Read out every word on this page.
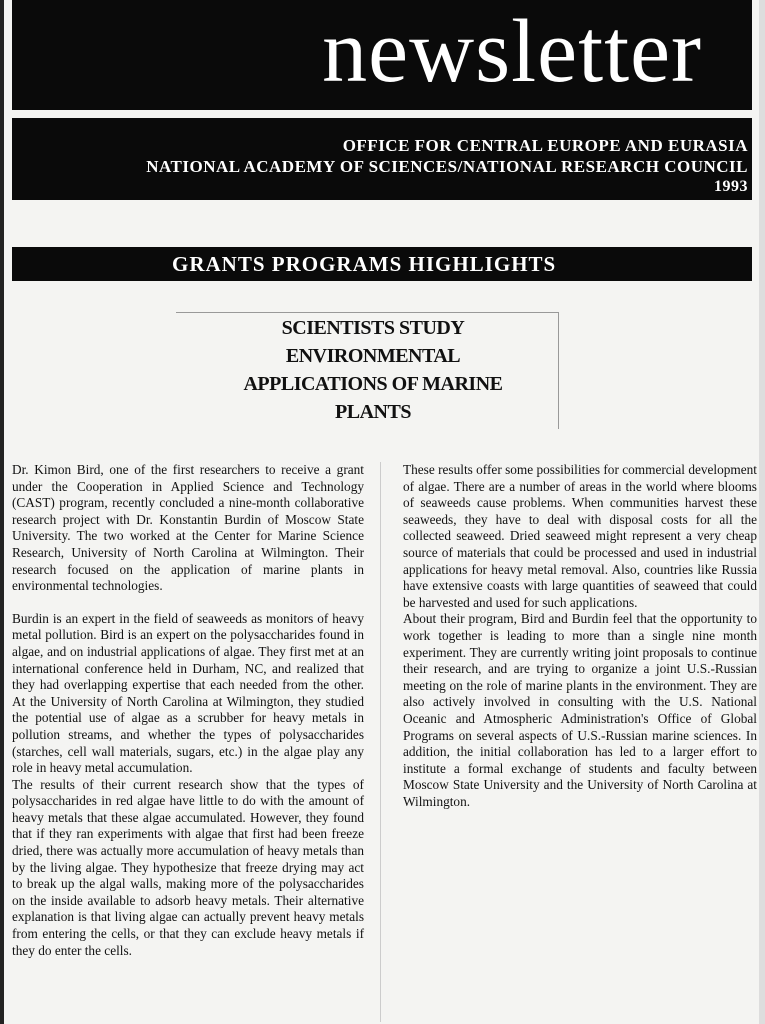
newsletter
OFFICE FOR CENTRAL EUROPE AND EURASIA
NATIONAL ACADEMY OF SCIENCES/NATIONAL RESEARCH COUNCIL
1993
GRANTS PROGRAMS HIGHLIGHTS
SCIENTISTS STUDY
ENVIRONMENTAL
APPLICATIONS OF MARINE
PLANTS

Dr. Kimon Bird, one of the first researchers to receive a grant under the Cooperation in Applied Science and Technology (CAST) program, recently concluded a nine-month collaborative research project with Dr. Konstantin Burdin of Moscow State University. The two worked at the Center for Marine Science Research, University of North Carolina at Wilmington. Their research focused on the application of marine plants in environmental technologies.

Burdin is an expert in the field of seaweeds as monitors of heavy metal pollution. Bird is an expert on the polysaccharides found in algae, and on industrial applications of algae. They first met at an international conference held in Durham, NC, and realized that they had overlapping expertise that each needed from the other. At the University of North Carolina at Wilmington, they studied the potential use of algae as a scrubber for heavy metals in pollution streams, and whether the types of polysaccharides (starches, cell wall materials, sugars, etc.) in the algae play any role in heavy metal accumulation.

The results of their current research show that the types of polysaccharides in red algae have little to do with the amount of heavy metals that these algae accumulated. However, they found that if they ran experiments with algae that first had been freeze dried, there was actually more accumulation of heavy metals than by the living algae. They hypothesize that freeze drying may act to break up the algal walls, making more of the polysaccharides on the inside available to adsorb heavy metals. Their alternative explanation is that living algae can actually prevent heavy metals from entering the cells, or that they can exclude heavy metals if they do enter the cells.

These results offer some possibilities for commercial development of algae. There are a number of areas in the world where blooms of seaweeds cause problems. When communities harvest these seaweeds, they have to deal with disposal costs for all the collected seaweed. Dried seaweed might represent a very cheap source of materials that could be processed and used in industrial applications for heavy metal removal. Also, countries like Russia have extensive coasts with large quantities of seaweed that could be harvested and used for such applications.

About their program, Bird and Burdin feel that the opportunity to work together is leading to more than a single nine month experiment. They are currently writing joint proposals to continue their research, and are trying to organize a joint U.S.-Russian meeting on the role of marine plants in the environment. They are also actively involved in consulting with the U.S. National Oceanic and Atmospheric Administration's Office of Global Programs on several aspects of U.S.-Russian marine sciences. In addition, the initial collaboration has led to a larger effort to institute a formal exchange of students and faculty between Moscow State University and the University of North Carolina at Wilmington.
